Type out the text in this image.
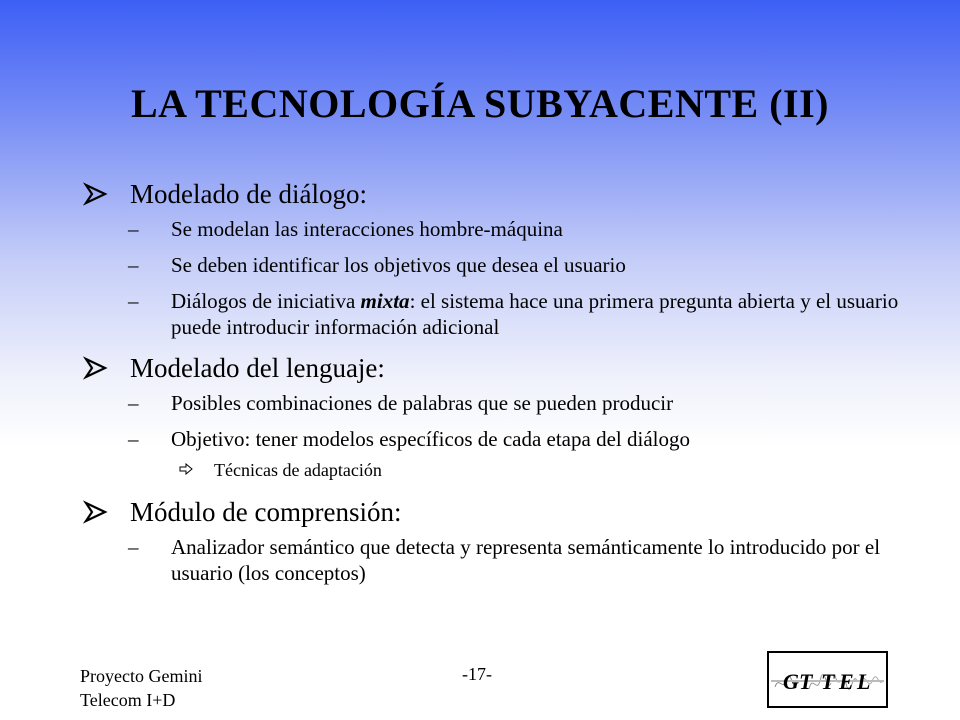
LA TECNOLOGÍA SUBYACENTE (II)
Modelado de diálogo:
– Se modelan las interacciones hombre-máquina
– Se deben identificar los objetivos que desea el usuario
– Diálogos de iniciativa mixta: el sistema hace una primera pregunta abierta y el usuario puede introducir información adicional
Modelado del lenguaje:
– Posibles combinaciones de palabras que se pueden producir
– Objetivo: tener modelos específicos de cada etapa del diálogo
Técnicas de adaptación
Módulo de comprensión:
– Analizador semántico que detecta y representa semánticamente lo introducido por el usuario (los conceptos)
Proyecto Gemini
Telecom I+D
-17-	G T T E L
